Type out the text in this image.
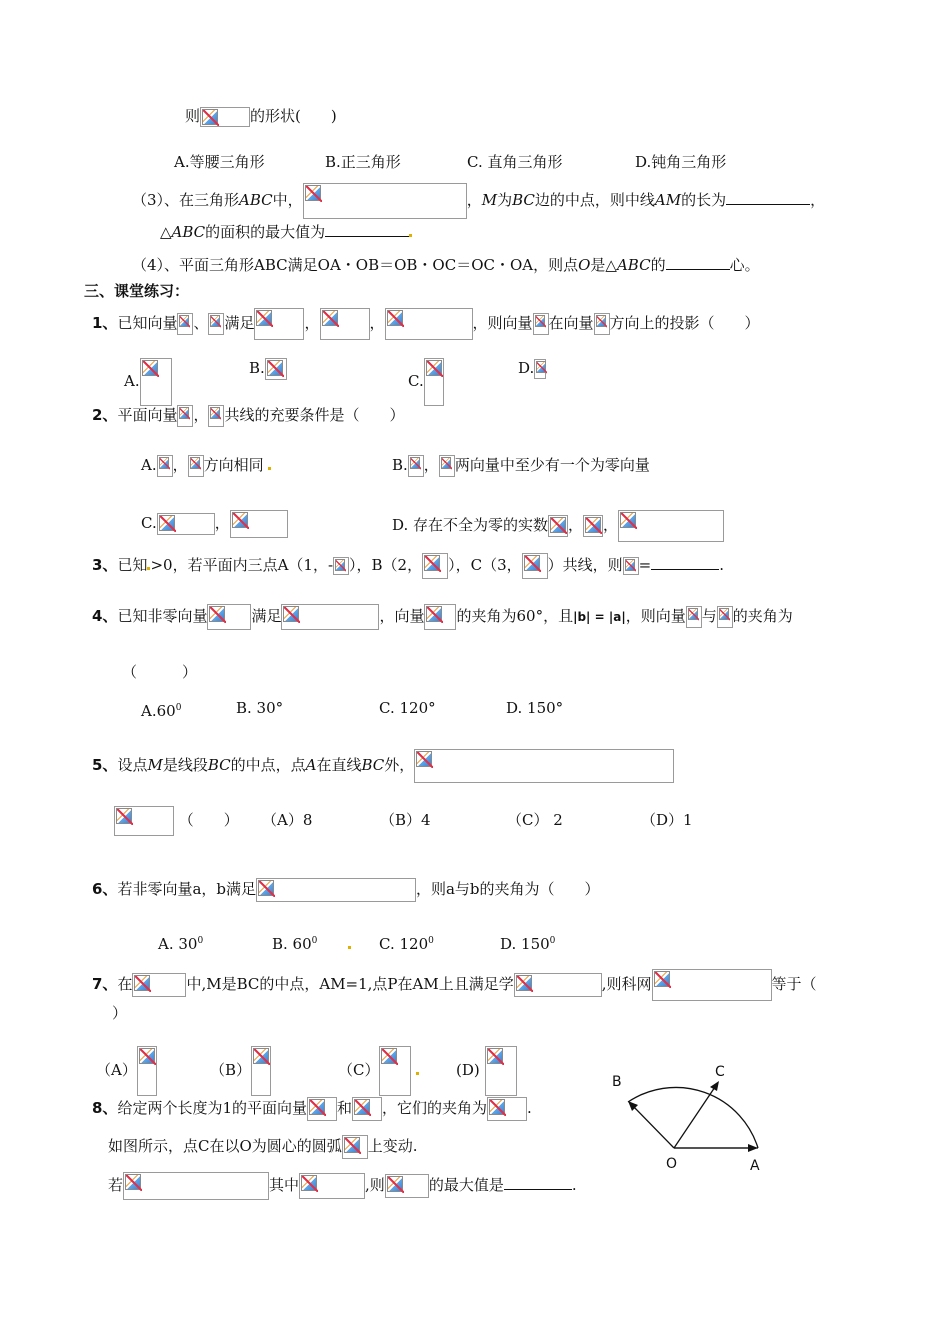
则	的形状(　　)
A.等腰三角形	B.正三角形	C. 直角三角形	D.钝角三角形
（3）、在三角形ABC中，	，M为BC边的中点，则中线AM的长为	，
△ABC的面积的最大值为
（4）、平面三角形ABC满足OA・OB＝OB・OC＝OC・OA，则点O是△ABC的	心。
三、课堂练习：
1、已知向量 、 满足	，	，	，则向量 在向量 方向上的投影（　　）
A.
B.
C.
D.
2、平面向量 ， 共线的充要条件是（　　）
A. ， 方向相同	B. ， 两向量中至少有一个为零向量
C.	，	D. 存在不全为零的实数 ， ，
3、已知 >0，若平面内三点A（1，- ），B（2， ），C（3， ）共线，则 =	.
4、已知非零向量	满足	，向量 的夹角为60°，且|b| = |a|，则向量 与 的夹角为
（　　　）
$A.60^0$	B. 30°	C. 120°	D. 150°
5、设点M是线段BC的中点，点A在直线BC外，
（　　） （A）8	（B）4	（C） 2	（D）1
6、若非零向量a，b满足	，则a与b的夹角为（　　）
A. $30^0$	B. $60^0$	C. $120^0$	D. $150^0$
7、在	中,M是BC的中点，AM=1,点P在AM上且满足学	,则科网	等于（
）
（A）	（B）	（C）	(D)
8、给定两个长度为1的平面向量 和 ，它们的夹角为	.
如图所示，点C在以O为圆心的圆弧 上变动.
若	其中	,则	的最大值是	.
B
C
O	A
